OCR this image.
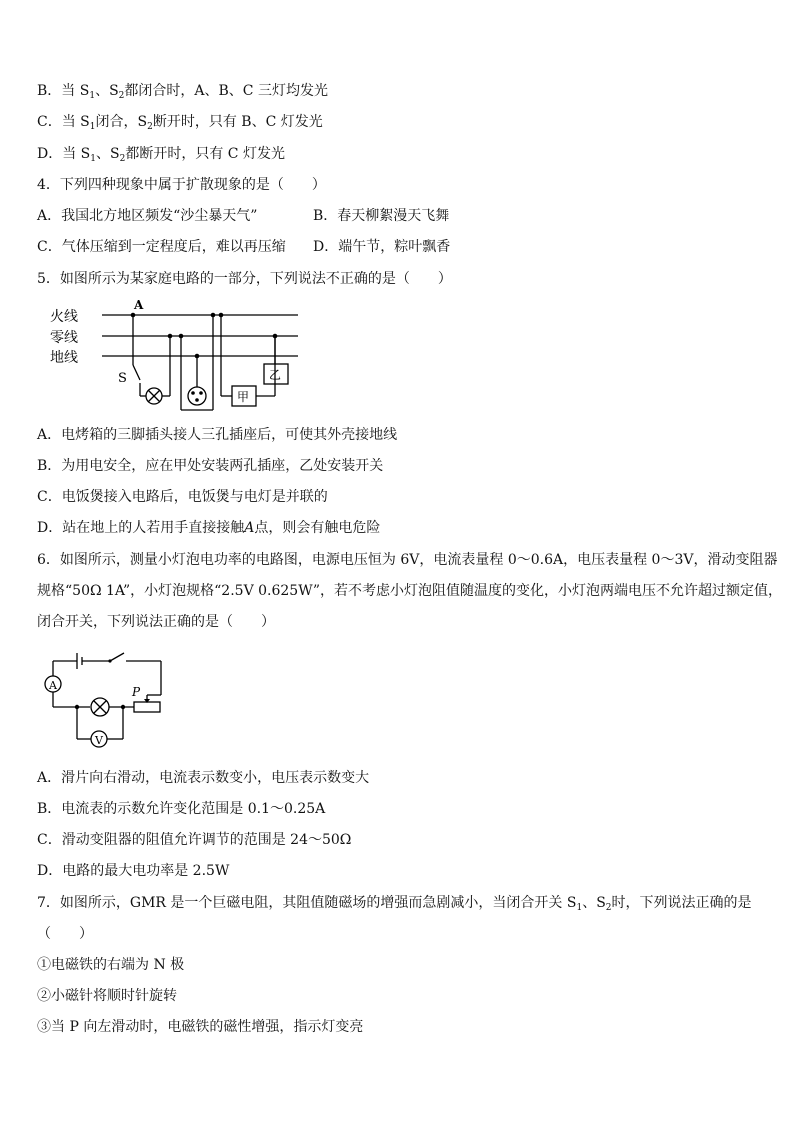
B．当 $S_1$、$S_2$都闭合时，A、B、C 三灯均发光
C．当 $S_1$闭合，$S_2$断开时，只有 B、C 灯发光
D．当 $S_1$、$S_2$都断开时，只有 C 灯发光
4．下列四种现象中属于扩散现象的是（　　）
A．我国北方地区频发“沙尘暴天气”	B．春天柳絮漫天飞舞
C．气体压缩到一定程度后，难以再压缩 D．端午节，粽叶飘香
5．如图所示为某家庭电路的一部分，下列说法不正确的是（　　）
火线
零线
地线
A
S
甲
乙
A．电烤箱的三脚插头接人三孔插座后，可使其外壳接地线
B．为用电安全，应在甲处安装两孔插座，乙处安装开关
C．电饭煲接入电路后，电饭煲与电灯是并联的
D．站在地上的人若用手直接接触A点，则会有触电危险
6．如图所示，测量小灯泡电功率的电路图，电源电压恒为 6V，电流表量程 0～0.6A，电压表量程 0～3V，滑动变阻器
规格“50Ω 1A”，小灯泡规格“2.5V 0.625W”，若不考虑小灯泡阻值随温度的变化，小灯泡两端电压不允许超过额定值，
闭合开关，下列说法正确的是（　　）
A
V
P
A．滑片向右滑动，电流表示数变小，电压表示数变大
B．电流表的示数允许变化范围是 0.1～0.25A
C．滑动变阻器的阻值允许调节的范围是 24～50Ω
D．电路的最大电功率是 2.5W
7．如图所示，GMR 是一个巨磁电阻，其阻值随磁场的增强而急剧减小，当闭合开关 $S_1$、$S_2$时，下列说法正确的是
（　　）
①电磁铁的右端为 N 极
②小磁针将顺时针旋转
③当 P 向左滑动时，电磁铁的磁性增强，指示灯变亮
